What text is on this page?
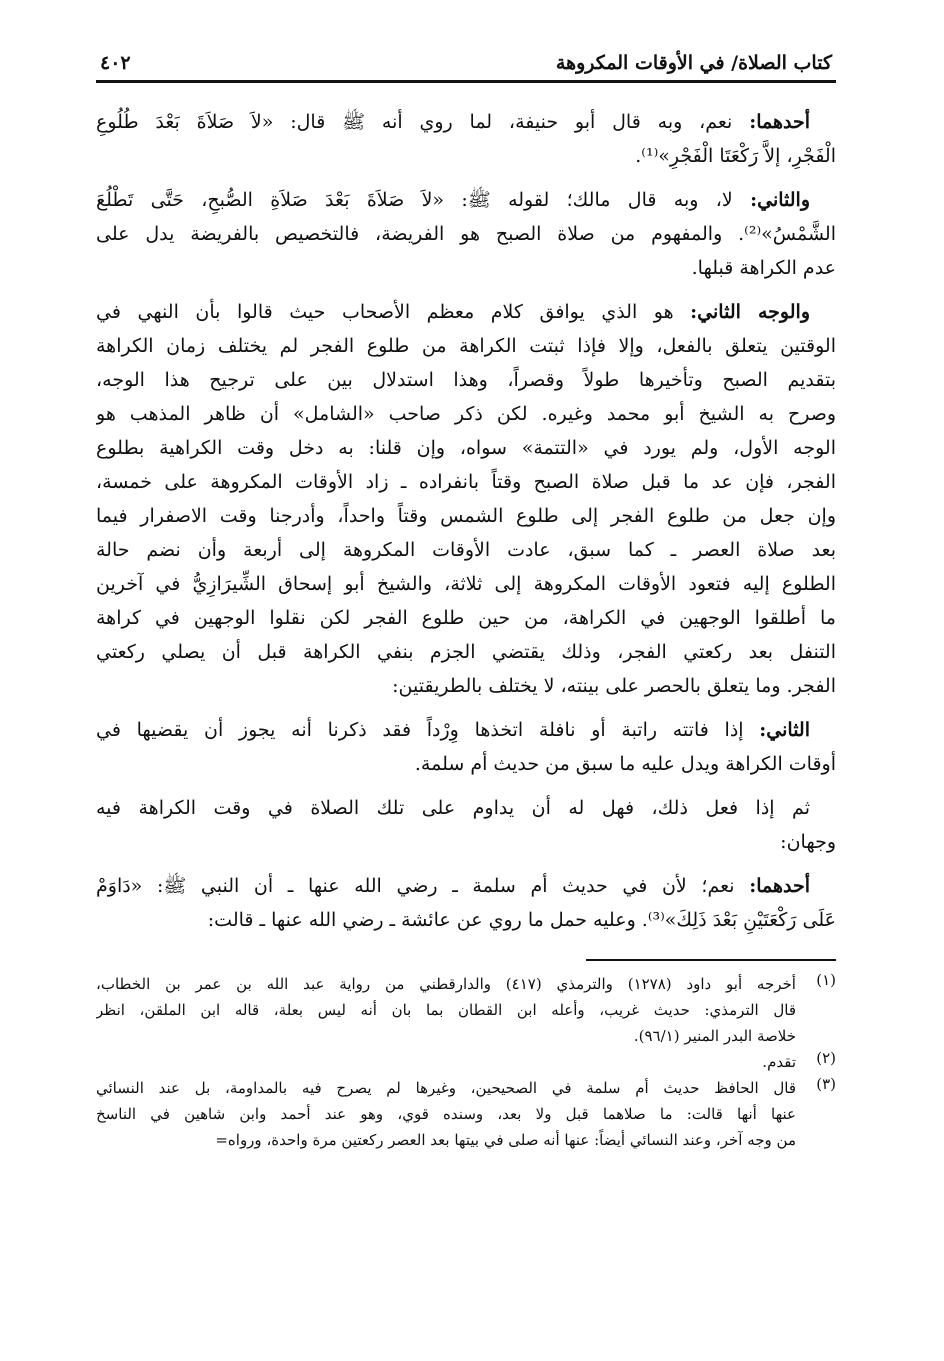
كتاب الصلاة/ في الأوقات المكروهة
٤٠٢
أحدهما: نعم، وبه قال أبو حنيفة، لما روي أنه ﷺ قال: «لاَ صَلاَةَ بَعْدَ طُلُوعِ
الْفَجْرِ، إلاَّ رَكْعَتَا الْفَجْرِ»⁽¹⁾.
والثاني: لا، وبه قال مالك؛ لقوله ﷺ: «لاَ صَلاَةَ بَعْدَ صَلاَةِ الصُّبحِ، حَتَّى تَطْلُعَ
الشَّمْسُ»⁽²⁾. والمفهوم من صلاة الصبح هو الفريضة، فالتخصيص بالفريضة يدل على
عدم الكراهة قبلها.
والوجه الثاني: هو الذي يوافق كلام معظم الأصحاب حيث قالوا بأن النهي في
الوقتين يتعلق بالفعل، وإلا فإذا ثبتت الكراهة من طلوع الفجر لم يختلف زمان الكراهة
بتقديم الصبح وتأخيرها طولاً وقصراً، وهذا استدلال بين على ترجيح هذا الوجه،
وصرح به الشيخ أبو محمد وغيره. لكن ذكر صاحب «الشامل» أن ظاهر المذهب هو
الوجه الأول، ولم يورد في «التتمة» سواه، وإن قلنا: به دخل وقت الكراهية بطلوع
الفجر، فإن عد ما قبل صلاة الصبح وقتاً بانفراده ـ زاد الأوقات المكروهة على خمسة،
وإن جعل من طلوع الفجر إلى طلوع الشمس وقتاً واحداً، وأدرجنا وقت الاصفرار فيما
بعد صلاة العصر ـ كما سبق، عادت الأوقات المكروهة إلى أربعة وأن نضم حالة
الطلوع إليه فتعود الأوقات المكروهة إلى ثلاثة، والشيخ أبو إسحاق الشِّيرَازِيُّ في آخرين
ما أطلقوا الوجهين في الكراهة، من حين طلوع الفجر لكن نقلوا الوجهين في كراهة
التنفل بعد ركعتي الفجر، وذلك يقتضي الجزم بنفي الكراهة قبل أن يصلي ركعتي
الفجر. وما يتعلق بالحصر على بينته، لا يختلف بالطريقتين:
الثاني: إذا فاتته راتبة أو نافلة اتخذها وِرْداً فقد ذكرنا أنه يجوز أن يقضيها في
أوقات الكراهة ويدل عليه ما سبق من حديث أم سلمة.
ثم إذا فعل ذلك، فهل له أن يداوم على تلك الصلاة في وقت الكراهة فيه
وجهان:
أحدهما: نعم؛ لأن في حديث أم سلمة ـ رضي الله عنها ـ أن النبي ﷺ: «دَاوَمْ
عَلَى رَكْعَتَيْنِ بَعْدَ ذَلِكَ»⁽³⁾. وعليه حمل ما روي عن عائشة ـ رضي الله عنها ـ قالت:
(١)
أخرجه أبو داود (١٢٧٨) والترمذي (٤١٧) والدارقطني من رواية عبد الله بن عمر بن الخطاب،
قال الترمذي: حديث غريب، وأعله ابن القطان بما بان أنه ليس بعلة، قاله ابن الملقن، انظر
خلاصة البدر المنير (٩٦/١).
(٢)
تقدم.
(٣)
قال الحافظ حديث أم سلمة في الصحيحين، وغيرها لم يصرح فيه بالمداومة، بل عند النسائي
عنها أنها قالت: ما صلاهما قبل ولا بعد، وسنده قوي، وهو عند أحمد وابن شاهين في الناسخ
من وجه آخر، وعند النسائي أيضاً: عنها أنه صلى في بيتها بعد العصر ركعتين مرة واحدة، ورواه=
